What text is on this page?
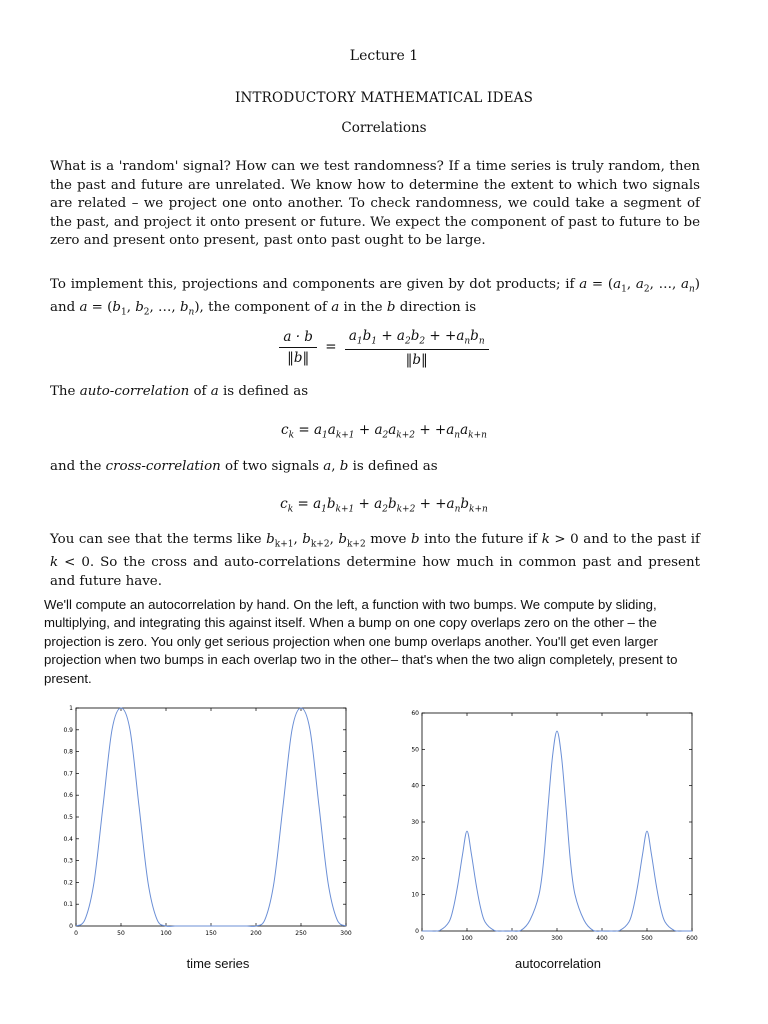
Lecture 1
INTRODUCTORY MATHEMATICAL IDEAS
Correlations
What is a 'random' signal? How can we test randomness? If a time series is truly random, then the past and future are unrelated. We know how to determine the extent to which two signals are related – we project one onto another. To check randomness, we could take a segment of the past, and project it onto present or future. We expect the component of past to future to be zero and present onto present, past onto past ought to be large.
To implement this, projections and components are given by dot products; if $a = (a_1$, $a_2$, …, $a_n$) and $a = (b_1$, $b_2$, …, $b_n$), the component of a in the b direction is
$\frac{a \cdot b}{‖b‖} = \frac{a_1b_1 + a_2b_2 + +a_nb_n}{‖b‖}$
The auto-correlation of a is defined as
$c_k = a_1a_{k+1} + a_2a_{k+2} + +a_na_{k+n}$
and the cross-correlation of two signals a, b is defined as
$c_k = a_1b_{k+1} + a_2b_{k+2} + +a_nb_{k+n}$
You can see that the terms like $b_{k+1}$, $b_{k+2}$, $b_{k+2}$ move b into the future if k > 0 and to the past if k < 0. So the cross and auto-correlations determine how much in common past and present and future have.
We'll compute an autocorrelation by hand. On the left, a function with two bumps. We compute by sliding, multiplying, and integrating this against itself. When a bump on one copy overlaps zero on the other – the projection is zero. You only get serious projection when one bump overlaps another. You'll get even larger projection when two bumps in each overlap two in the other– that's when the two align completely, present to present.
0	50	100	150	200	250	300
0
0.1
0.2
0.3
0.4
0.5
0.6
0.7
0.8
0.9
1
0	100	200	300	400	500	600
0
10
20
30
40
50
60
time series	autocorrelation
